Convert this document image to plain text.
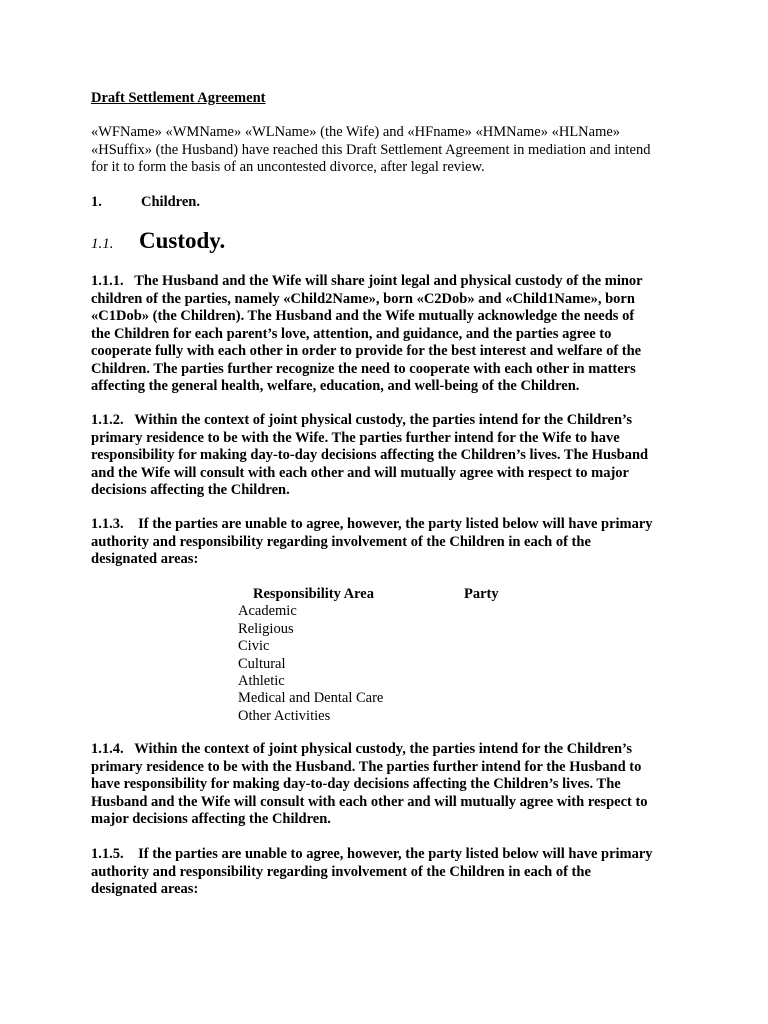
Draft Settlement Agreement

«WFName» «WMName» «WLName» (the Wife) and «HFname» «HMName» «HLName»

«HSuffix» (the Husband) have reached this Draft Settlement Agreement in mediation and intend

for it to form the basis of an uncontested divorce, after legal review.

1.	Children.
1.1. Custody.

1.1.1.   The Husband and the Wife will share joint legal and physical custody of the minor

children of the parties, namely «Child2Name», born «C2Dob» and «Child1Name», born

«C1Dob» (the Children). The Husband and the Wife mutually acknowledge the needs of

the Children for each parent’s love, attention, and guidance, and the parties agree to

cooperate fully with each other in order to provide for the best interest and welfare of the

Children. The parties further recognize the need to cooperate with each other in matters

affecting the general health, welfare, education, and well-being of the Children.

1.1.2.   Within the context of joint physical custody, the parties intend for the Children’s

primary residence to be with the Wife. The parties further intend for the Wife to have

responsibility for making day-to-day decisions affecting the Children’s lives. The Husband

and the Wife will consult with each other and will mutually agree with respect to major

decisions affecting the Children.

1.1.3.    If the parties are unable to agree, however, the party listed below will have primary

authority and responsibility regarding involvement of the Children in each of the

designated areas:

Responsibility Area	Party
Academic
Religious
Civic
Cultural
Athletic
Medical and Dental Care
Other Activities

1.1.4.   Within the context of joint physical custody, the parties intend for the Children’s

primary residence to be with the Husband. The parties further intend for the Husband to

have responsibility for making day-to-day decisions affecting the Children’s lives. The

Husband and the Wife will consult with each other and will mutually agree with respect to

major decisions affecting the Children.

1.1.5.    If the parties are unable to agree, however, the party listed below will have primary

authority and responsibility regarding involvement of the Children in each of the

designated areas:
